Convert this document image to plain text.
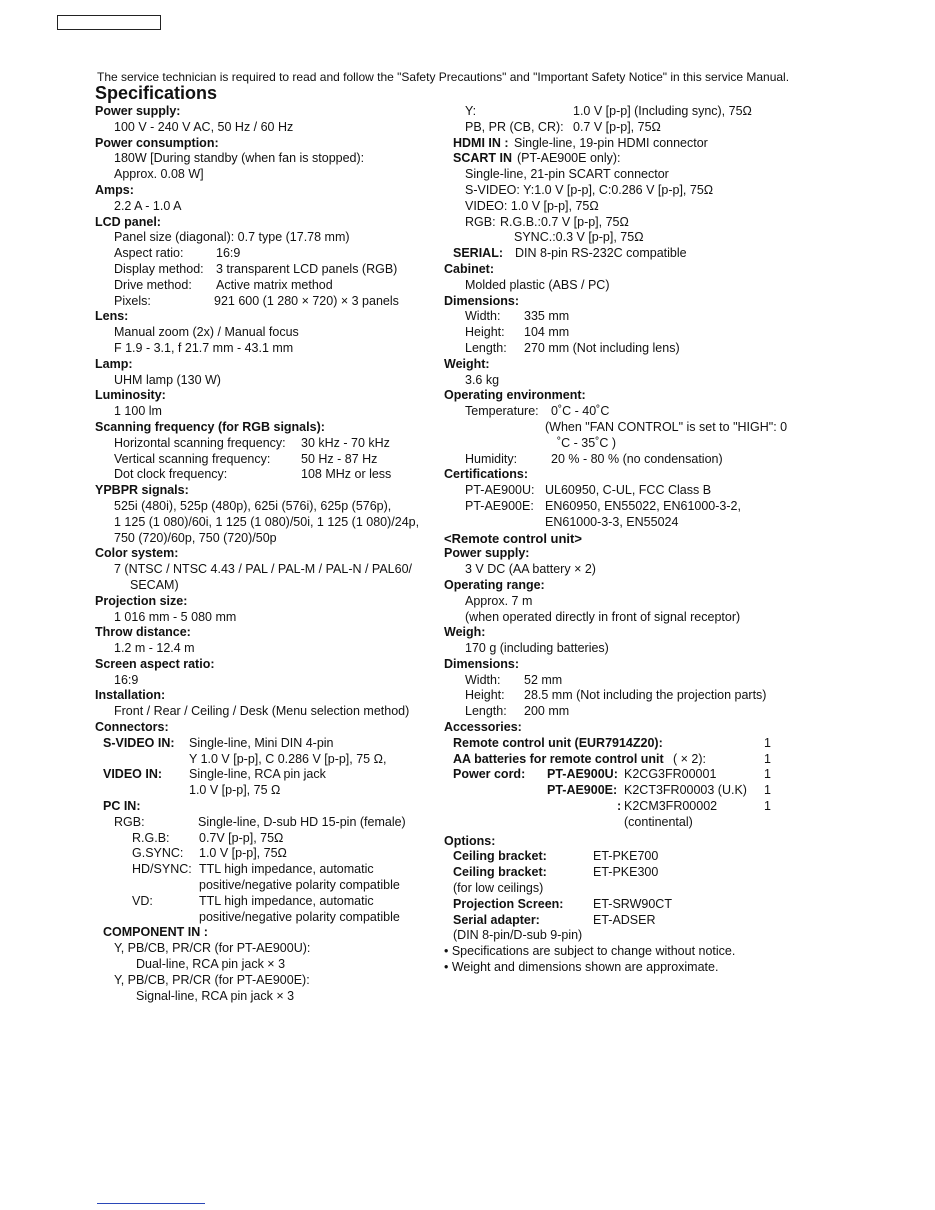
The service technician is required to read and follow the "Safety Precautions" and "Important Safety Notice" in this service Manual.
Specifications
Power supply:
100 V - 240 V AC, 50 Hz / 60 Hz
Power consumption:
180W [During standby (when fan is stopped):
Approx. 0.08 W]
Amps:
2.2 A - 1.0 A
LCD panel:
Panel size (diagonal): 0.7 type (17.78 mm)
Aspect ratio:	16:9
Display method: 3 transparent LCD panels (RGB)
Drive method: Active matrix method
Pixels:	921 600 (1 280 × 720) × 3 panels
Lens:
Manual zoom (2x) / Manual focus
F 1.9 - 3.1, f 21.7 mm - 43.1 mm
Lamp:
UHM lamp (130 W)
Luminosity:
1 100 lm
Scanning frequency (for RGB signals):
Horizontal scanning frequency: 30 kHz - 70 kHz
Vertical scanning frequency: 50 Hz - 87 Hz
Dot clock frequency:	108 MHz or less
YPBPR signals:
525i (480i), 525p (480p), 625i (576i), 625p (576p),
1 125 (1 080)/60i, 1 125 (1 080)/50i, 1 125 (1 080)/24p,
750 (720)/60p, 750 (720)/50p
Color system:
7 (NTSC / NTSC 4.43 / PAL / PAL-M / PAL-N / PAL60/
SECAM)
Projection size:
1 016 mm - 5 080 mm
Throw distance:
1.2 m - 12.4 m
Screen aspect ratio:
16:9
Installation:
Front / Rear / Ceiling / Desk (Menu selection method)
Connectors:
S-VIDEO IN: Single-line, Mini DIN 4-pin
Y 1.0 V [p-p], C 0.286 V [p-p], 75 Ω,
VIDEO IN: Single-line, RCA pin jack
1.0 V [p-p], 75 Ω
PC IN:
RGB:	Single-line, D-sub HD 15-pin (female)
R.G.B: 0.7V [p-p], 75Ω
G.SYNC: 1.0 V [p-p], 75Ω
HD/SYNC: TTL high impedance, automatic
positive/negative polarity compatible
VD:	TTL high impedance, automatic
positive/negative polarity compatible
COMPONENT IN :
Y, PB/CB, PR/CR (for PT-AE900U):
Dual-line, RCA pin jack × 3
Y, PB/CB, PR/CR (for PT-AE900E):
Signal-line, RCA pin jack × 3
Y:	1.0 V [p-p] (Including sync), 75Ω
PB, PR (CB, CR): 0.7 V [p-p], 75Ω
HDMI IN : Single-line, 19-pin HDMI connector
SCART IN (PT-AE900E only):
Single-line, 21-pin SCART connector
S-VIDEO: Y:1.0 V [p-p], C:0.286 V [p-p], 75Ω
VIDEO: 1.0 V [p-p], 75Ω
RGB: R.G.B.:0.7 V [p-p], 75Ω
SYNC.:0.3 V [p-p], 75Ω
SERIAL: DIN 8-pin RS-232C compatible
Cabinet:
Molded plastic (ABS / PC)
Dimensions:
Width: 335 mm
Height: 104 mm
Length: 270 mm (Not including lens)
Weight:
3.6 kg
Operating environment:
Temperature: 0˚C - 40˚C
(When "FAN CONTROL" is set to "HIGH": 0
˚C - 35˚C )
Humidity:	20 % - 80 % (no condensation)
Certifications:
PT-AE900U: UL60950, C-UL, FCC Class B
PT-AE900E: EN60950, EN55022, EN61000-3-2,
EN61000-3-3, EN55024
<Remote control unit>
Power supply:
3 V DC (AA battery × 2)
Operating range:
Approx. 7 m
(when operated directly in front of signal receptor)
Weigh:
170 g (including batteries)
Dimensions:
Width: 52 mm
Height: 28.5 mm (Not including the projection parts)
Length: 200 mm
Accessories:
Remote control unit (EUR7914Z20):	1
AA batteries for remote control unit ( × 2):	1
Power cord: PT-AE900U: K2CG3FR00001	1
PT-AE900E: K2CT3FR00003 (U.K) 1
: K2CM3FR00002	1
(continental)
Options:
Ceiling bracket:	ET-PKE700
Ceiling bracket:	ET-PKE300
(for low ceilings)
Projection Screen: ET-SRW90CT
Serial adapter:	ET-ADSER
(DIN 8-pin/D-sub 9-pin)
• Specifications are subject to change without notice.
• Weight and dimensions shown are approximate.
